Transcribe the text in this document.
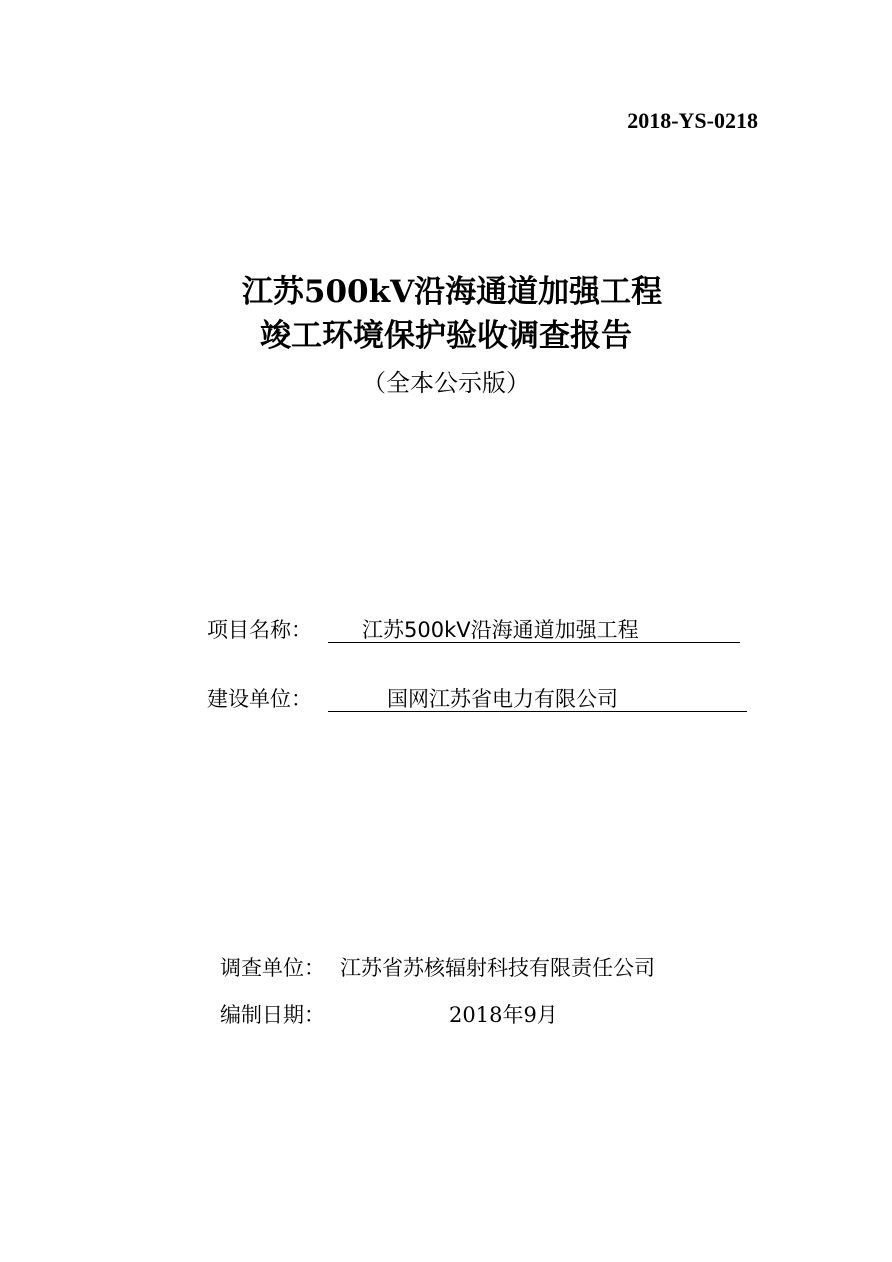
2018-YS-0218
江苏500kV沿海通道加强工程
竣工环境保护验收调查报告
（全本公示版）
项目名称： 江苏500kV沿海通道加强工程
建设单位：	国网江苏省电力有限公司
调查单位： 江苏省苏核辐射科技有限责任公司
编制日期：	2018年9月
